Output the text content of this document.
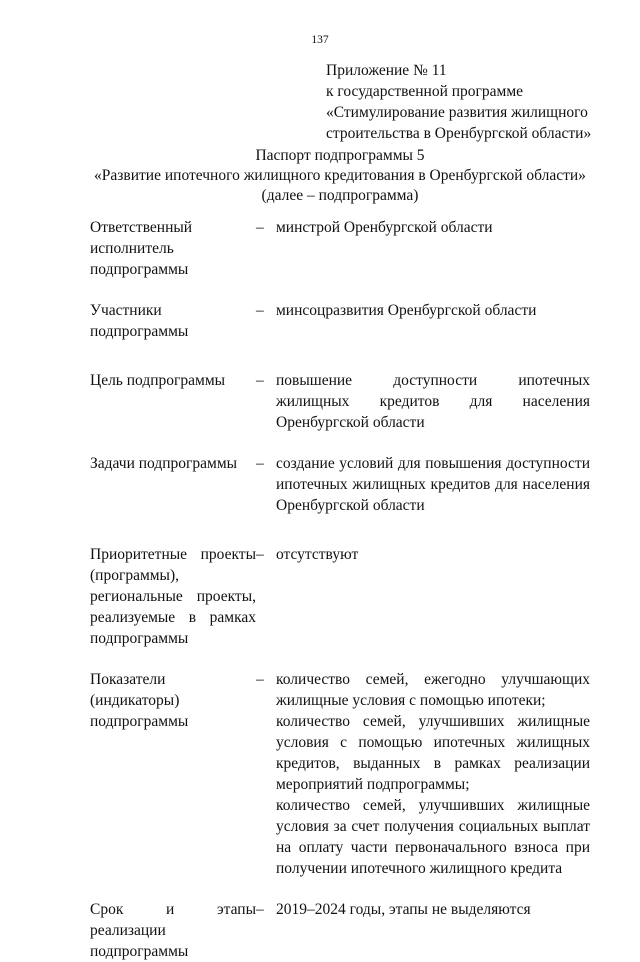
137
Приложение № 11
к государственной программе
«Стимулирование развития жилищного
строительства в Оренбургской области»
Паспорт подпрограммы 5
«Развитие ипотечного жилищного кредитования в Оренбургской области»
(далее – подпрограмма)
Ответственный исполнитель подпрограммы
– минстрой Оренбургской области
Участники подпрограммы
– минсоцразвития Оренбургской области
Цель подпрограммы	– повышение доступности ипотечных жилищных кредитов для населения Оренбургской области
Задачи подпрограммы	– создание условий для повышения доступности ипотечных жилищных кредитов для населения Оренбургской области
Приоритетные проекты (программы), региональные проекты, реализуемые в рамках подпрограммы
– отсутствуют
Показатели (индикаторы) подпрограммы
– количество семей, ежегодно улучшающих жилищные условия с помощью ипотеки;
количество семей, улучшивших жилищные условия с помощью ипотечных жилищных кредитов, выданных в рамках реализации мероприятий подпрограммы;
количество семей, улучшивших жилищные условия за счет получения социальных выплат на оплату части первоначального взноса при получении ипотечного жилищного кредита
Срок и этапы реализации подпрограммы
– 2019–2024 годы, этапы не выделяются
